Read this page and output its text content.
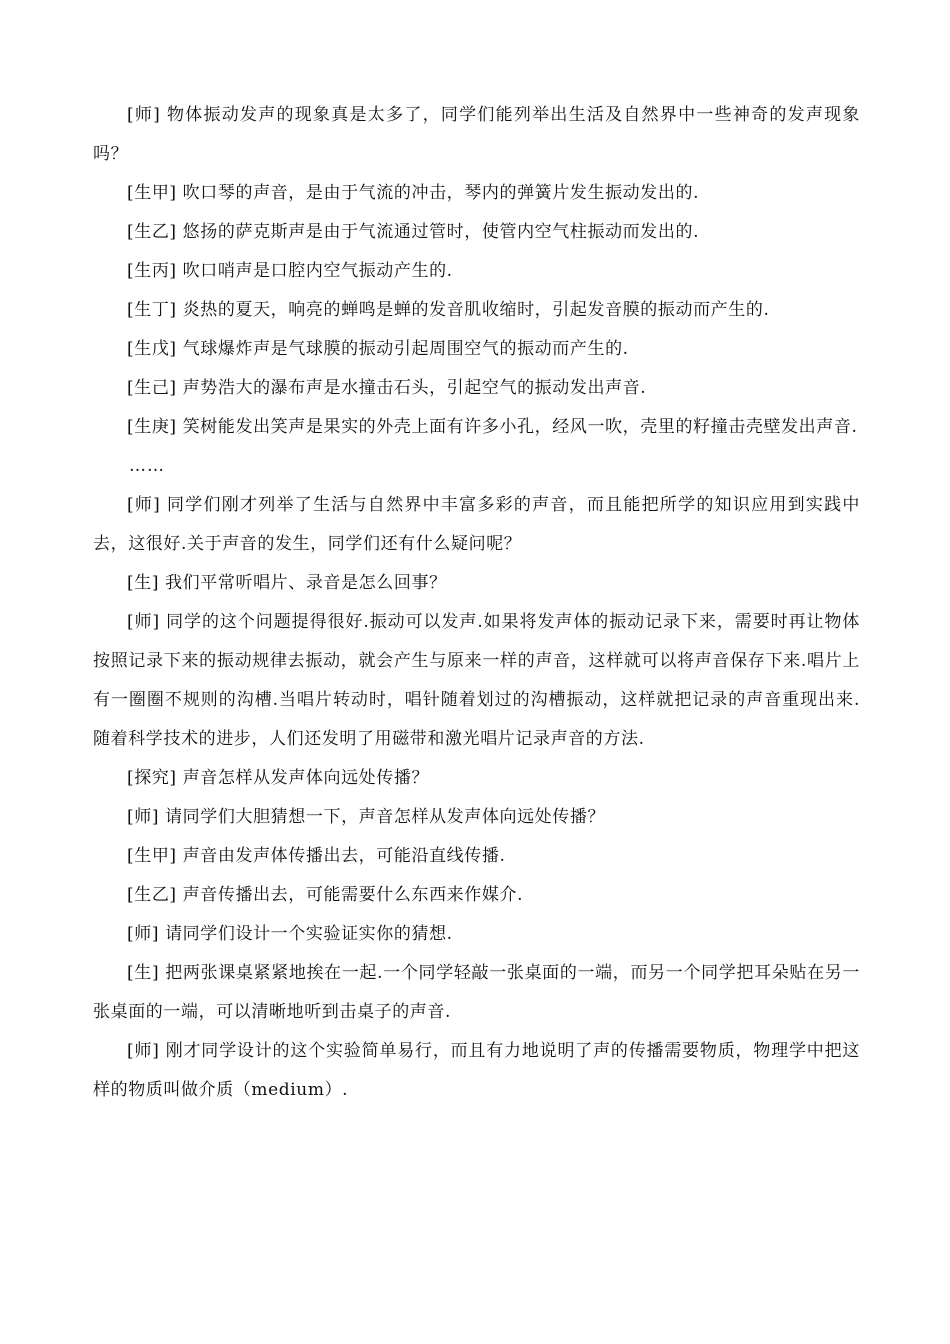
[师] 物体振动发声的现象真是太多了，同学们能列举出生活及自然界中一些神奇的发声现象吗？

[生甲] 吹口琴的声音，是由于气流的冲击，琴内的弹簧片发生振动发出的.

[生乙] 悠扬的萨克斯声是由于气流通过管时，使管内空气柱振动而发出的.

[生丙] 吹口哨声是口腔内空气振动产生的.

[生丁] 炎热的夏天，响亮的蝉鸣是蝉的发音肌收缩时，引起发音膜的振动而产生的.

[生戊] 气球爆炸声是气球膜的振动引起周围空气的振动而产生的.

[生己] 声势浩大的瀑布声是水撞击石头，引起空气的振动发出声音.

[生庚] 笑树能发出笑声是果实的外壳上面有许多小孔，经风一吹，壳里的籽撞击壳壁发出声音.

……

[师] 同学们刚才列举了生活与自然界中丰富多彩的声音，而且能把所学的知识应用到实践中去，这很好.关于声音的发生，同学们还有什么疑问呢？

[生] 我们平常听唱片、录音是怎么回事？

[师] 同学的这个问题提得很好.振动可以发声.如果将发声体的振动记录下来，需要时再让物体按照记录下来的振动规律去振动，就会产生与原来一样的声音，这样就可以将声音保存下来.唱片上有一圈圈不规则的沟槽.当唱片转动时，唱针随着划过的沟槽振动，这样就把记录的声音重现出来.随着科学技术的进步，人们还发明了用磁带和激光唱片记录声音的方法.

[探究] 声音怎样从发声体向远处传播？

[师] 请同学们大胆猜想一下，声音怎样从发声体向远处传播？

[生甲] 声音由发声体传播出去，可能沿直线传播.

[生乙] 声音传播出去，可能需要什么东西来作媒介.

[师] 请同学们设计一个实验证实你的猜想.

[生] 把两张课桌紧紧地挨在一起.一个同学轻敲一张桌面的一端，而另一个同学把耳朵贴在另一张桌面的一端，可以清晰地听到击桌子的声音.

[师] 刚才同学设计的这个实验简单易行，而且有力地说明了声的传播需要物质，物理学中把这样的物质叫做介质（medium）.
